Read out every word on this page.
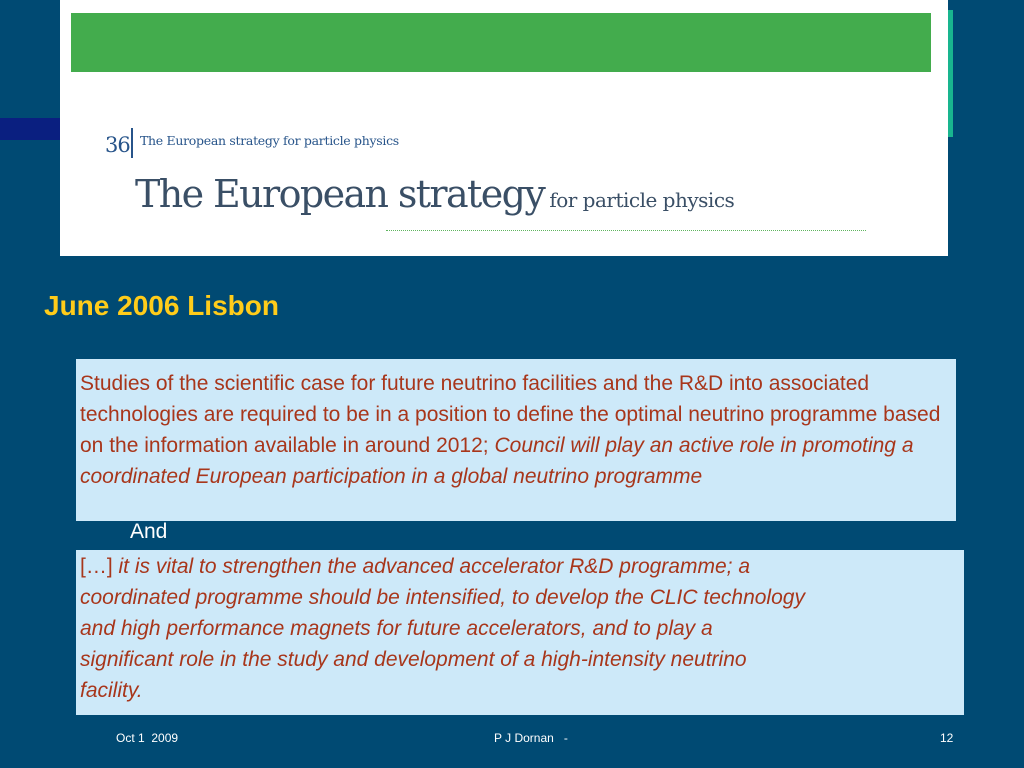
36 The European strategy for particle physics
The European strategy for particle physics
June 2006 Lisbon
Studies of the scientific case for future neutrino facilities and the R&D into associated technologies are required to be in a position to define the optimal neutrino programme based on the information available in around 2012; Council will play an active role in promoting a coordinated European participation in a global neutrino programme
And
[…] it is vital to strengthen the advanced accelerator R&D programme; a
coordinated programme should be intensified, to develop the CLIC technology
and high performance magnets for future accelerators, and to play a
significant role in the study and development of a high-intensity neutrino
facility.
Oct 1  2009	P J Dornan   -	12
